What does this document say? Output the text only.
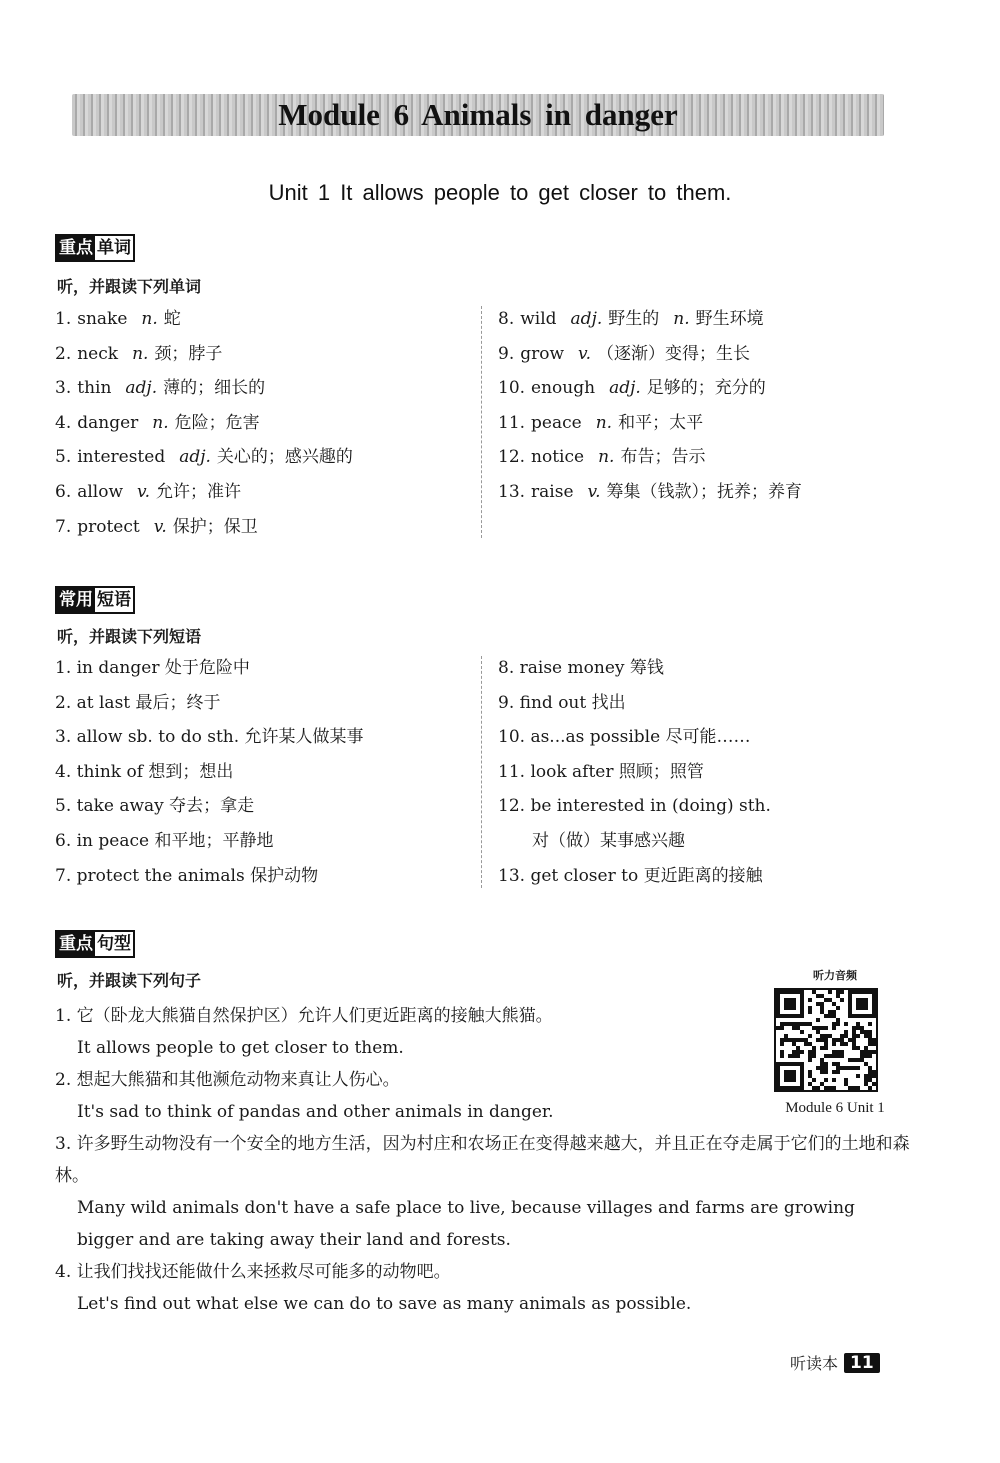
Module 6 Animals in danger
Unit 1 It allows people to get closer to them.
重点 单词
听，并跟读下列单词
1. snake n. 蛇
2. neck n. 颈；脖子
3. thin adj. 薄的；细长的
4. danger n. 危险；危害
5. interested adj. 关心的；感兴趣的
6. allow v. 允许；准许
7. protect v. 保护；保卫
8. wild adj. 野生的 n. 野生环境
9. grow v. （逐渐）变得；生长
10. enough adj. 足够的；充分的
11. peace n. 和平；太平
12. notice n. 布告；告示
13. raise v. 筹集（钱款）；抚养；养育
常用 短语
听，并跟读下列短语
1. in danger 处于危险中
2. at last 最后；终于
3. allow sb. to do sth. 允许某人做某事
4. think of 想到；想出
5. take away 夺去；拿走
6. in peace 和平地；平静地
7. protect the animals 保护动物
8. raise money 筹钱
9. find out 找出
10. as...as possible 尽可能……
11. look after 照顾；照管
12. be interested in (doing) sth.
对（做）某事感兴趣
13. get closer to 更近距离的接触
重点 句型
听，并跟读下列句子
1. 它（卧龙大熊猫自然保护区）允许人们更近距离的接触大熊猫。
It allows people to get closer to them.
2. 想起大熊猫和其他濒危动物来真让人伤心。
It's sad to think of pandas and other animals in danger.
3. 许多野生动物没有一个安全的地方生活，因为村庄和农场正在变得越来越大，并且正在夺走属于它们的土地和森林。
Many wild animals don't have a safe place to live, because villages and farms are growing bigger and are taking away their land and forests.
4. 让我们找找还能做什么来拯救尽可能多的动物吧。
Let's find out what else we can do to save as many animals as possible.
听力音频
Module 6 Unit 1
听读本 11
